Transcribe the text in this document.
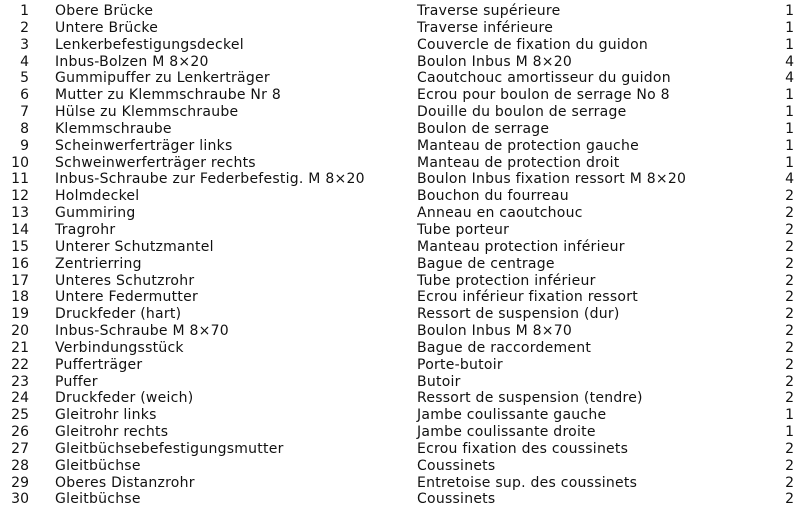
1 Obere Brücke	Traverse supérieure	1
2 Untere Brücke	Traverse inférieure	1
3 Lenkerbefestigungsdeckel	Couvercle de fixation du guidon	1
4 Inbus-Bolzen M 8×20	Boulon Inbus M 8×20	4
5 Gummipuffer zu Lenkerträger	Caoutchouc amortisseur du guidon	4
6 Mutter zu Klemmschraube Nr 8	Ecrou pour boulon de serrage No 8	1
7 Hülse zu Klemmschraube	Douille du boulon de serrage	1
8 Klemmschraube	Boulon de serrage	1
9 Scheinwerferträger links	Manteau de protection gauche	1
10 Schweinwerferträger rechts	Manteau de protection droit	1
11 Inbus-Schraube zur Federbefestig. M 8×20	Boulon Inbus fixation ressort M 8×20	4
12 Holmdeckel	Bouchon du fourreau	2
13 Gummiring	Anneau en caoutchouc	2
14 Tragrohr	Tube porteur	2
15 Unterer Schutzmantel	Manteau protection inférieur	2
16 Zentrierring	Bague de centrage	2
17 Unteres Schutzrohr	Tube protection inférieur	2
18 Untere Federmutter	Ecrou inférieur fixation ressort	2
19 Druckfeder (hart)	Ressort de suspension (dur)	2
20 Inbus-Schraube M 8×70	Boulon Inbus M 8×70	2
21 Verbindungsstück	Bague de raccordement	2
22 Pufferträger	Porte-butoir	2
23 Puffer	Butoir	2
24 Druckfeder (weich)	Ressort de suspension (tendre)	2
25 Gleitrohr links	Jambe coulissante gauche	1
26 Gleitrohr rechts	Jambe coulissante droite	1
27 Gleitbüchsebefestigungsmutter	Ecrou fixation des coussinets	2
28 Gleitbüchse	Coussinets	2
29 Oberes Distanzrohr	Entretoise sup. des coussinets	2
30 Gleitbüchse	Coussinets	2
